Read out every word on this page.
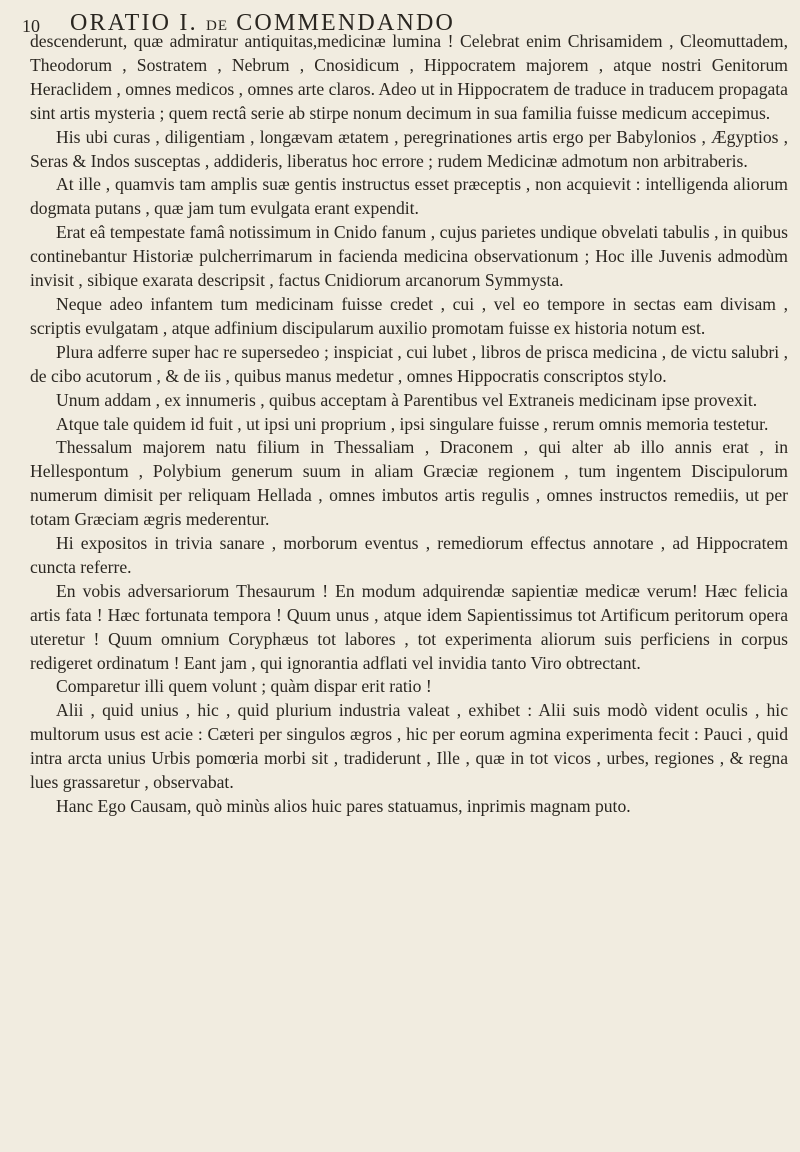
10 ORATIO I. DE COMMENDANDO

descenderunt, quæ admiratur antiquitas,medicinæ lumina ! Celebrat enim Chrisamidem , Cleomuttadem, Theodorum , Sostratem , Nebrum , Cnosidicum , Hippocratem majorem , atque nostri Genitorum Heraclidem , omnes medicos , omnes arte claros. Adeo ut in Hippocratem de traduce in traducem propagata sint artis mysteria ; quem rectâ serie ab stirpe nonum decimum in sua familia fuisse medicum accepimus.

His ubi curas , diligentiam , longævam ætatem , peregrinationes artis ergo per Babylonios , Ægyptios , Seras & Indos susceptas , addideris, liberatus hoc errore ; rudem Medicinæ admotum non arbitraberis.

At ille , quamvis tam amplis suæ gentis instructus esset præceptis , non acquievit : intelligenda aliorum dogmata putans , quæ jam tum evulgata erant expendit.

Erat eâ tempestate famâ notissimum in Cnido fanum , cujus parietes undique obvelati tabulis , in quibus continebantur Historiæ pulcherrimarum in facienda medicina observationum ; Hoc ille Juvenis admodùm invisit , sibique exarata descripsit , factus Cnidiorum arcanorum Symmysta.

Neque adeo infantem tum medicinam fuisse credet , cui , vel eo tempore in sectas eam divisam , scriptis evulgatam , atque adfinium discipularum auxilio promotam fuisse ex historia notum est.

Plura adferre super hac re supersedeo ; inspiciat , cui lubet , libros de prisca medicina , de victu salubri , de cibo acutorum , & de iis , quibus manus medetur , omnes Hippocratis conscriptos stylo.

Unum addam , ex innumeris , quibus acceptam à Parentibus vel Extraneis medicinam ipse provexit.

Atque tale quidem id fuit , ut ipsi uni proprium , ipsi singulare fuisse , rerum omnis memoria testetur.

Thessalum majorem natu filium in Thessaliam , Draconem , qui alter ab illo annis erat , in Hellespontum , Polybium generum suum in aliam Græciæ regionem , tum ingentem Discipulorum numerum dimisit per reliquam Hellada , omnes imbutos artis regulis , omnes instructos remediis, ut per totam Græciam ægris mederentur.

Hi expositos in trivia sanare , morborum eventus , remediorum effectus annotare , ad Hippocratem cuncta referre.

En vobis adversariorum Thesaurum ! En modum adquirendæ sapientiæ medicæ verum! Hæc felicia artis fata ! Hæc fortunata tempora ! Quum unus , atque idem Sapientissimus tot Artificum peritorum opera uteretur ! Quum omnium Coryphæus tot labores , tot experimenta aliorum suis perficiens in corpus redigeret ordinatum ! Eant jam , qui ignorantia adflati vel invidia tanto Viro obtrectant.

Comparetur illi quem volunt ; quàm dispar erit ratio !

Alii , quid unius , hic , quid plurium industria valeat , exhibet : Alii suis modò vident oculis , hic multorum usus est acie : Cæteri per singulos ægros , hic per eorum agmina experimenta fecit : Pauci , quid intra arcta unius Urbis pomœria morbi sit , tradiderunt , Ille , quæ in tot vicos , urbes, regiones , & regna lues grassaretur , observabat.

Hanc Ego Causam, quò minùs alios huic pares statuamus, inprimis magnam puto.
